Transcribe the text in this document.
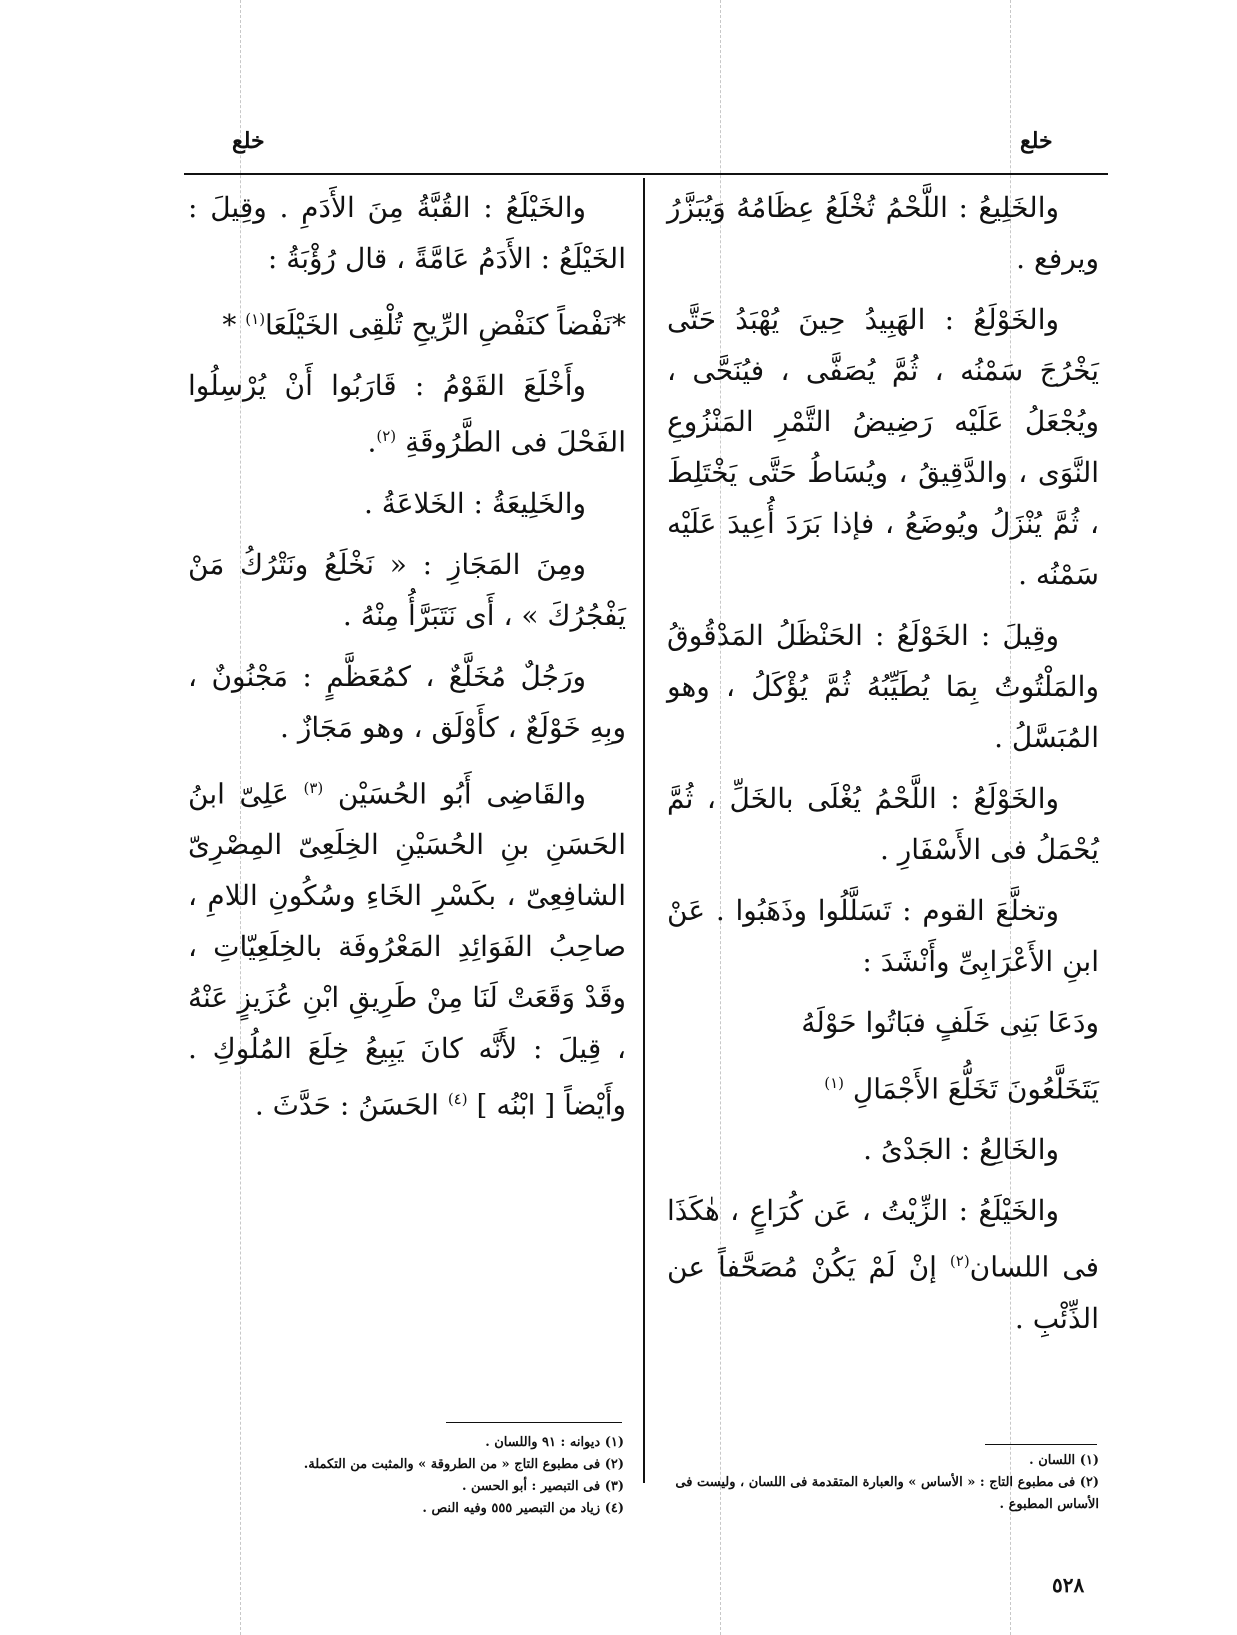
خلع
خلع

والخَلِيعُ : اللَّحْمُ تُخْلَعُ عِظَامُهُ وَيُبَزَّرُ ويرفع .

والخَوْلَعُ : الهَبِيدُ حِينَ يُهْبَدُ حَتَّى يَخْرُجَ سَمْنُه ، ثُمَّ يُصَفَّى ، فيُنَحَّى ، ويُجْعَلُ عَلَيْه رَضِيضُ التَّمْرِ المَنْزُوعِ النَّوَى ، والدَّقِيقُ ، ويُسَاطُ حَتَّى يَخْتَلِطَ ، ثُمَّ يُنْزَلُ ويُوضَعُ ، فإذا بَرَدَ أُعِيدَ عَلَيْه سَمْنُه .

وقِيلَ : الخَوْلَعُ : الحَنْظَلُ المَدْقُوقُ والمَلْتُوتُ بِمَا يُطَيِّبُهُ ثُمَّ يُؤْكَلُ ، وهو المُبَسَّلُ .

والخَوْلَعُ : اللَّحْمُ يُغْلَى بالخَلِّ ، ثُمَّ يُحْمَلُ فى الأَسْفَارِ .

وتخلَّعَ القوم : تَسَلَّلُوا وذَهَبُوا . عَنْ ابنِ الأَعْرَابِىِّ وأَنْشَدَ :

ودَعَا بَنِى خَلَفٍ فبَاتُوا حَوْلَهُ

يَتَخَلَّعُونَ تَخَلُّعَ الأَجْمَالِ $^{(١)}$

والخَالِعُ : الجَدْىُ .

والخَيْلَعُ : الزِّيْتُ ، عَن كُرَاعٍ ، هٰكَذَا فى اللسان$^{(٢)}$ إنْ لَمْ يَكُنْ مُصَحَّفاً عن الذِّئْبِ .

والخَيْلَعُ : القُبَّةُ مِنَ الأَدَمِ . وقِيلَ : الخَيْلَعُ : الأَدَمُ عَامَّةً ، قال رُؤْبَةُ :

*نَفْضاً كنَفْضِ الرِّيحِ تُلْقِى الخَيْلَعَا$^{(١)}$ *

وأَخْلَعَ القَوْمُ : قَارَبُوا أَنْ يُرْسِلُوا الفَحْلَ فى الطَّرُوقَةِ $^{(٢)}$.

والخَلِيعَةُ : الخَلاعَةُ .

ومِنَ المَجَازِ : « نَخْلَعُ ونَتْرُكُ مَنْ يَفْجُرُكَ » ، أَى نَتَبَرَّأُ مِنْهُ .

ورَجُلٌ مُخَلَّعٌ ، كمُعَظَّمٍ : مَجْنُونٌ ، وبِهِ خَوْلَعٌ ، كأَوْلَق ، وهو مَجَازٌ .

والقَاضِى أَبُو الحُسَيْن $^{(٣)}$ عَلِىّ ابنُ الحَسَنِ بنِ الحُسَيْنِ الخِلَعِىّ المِصْرِىّ الشافِعِىّ ، بكَسْرِ الخَاءِ وسُكُونِ اللامِ ، صاحِبُ الفَوَائِدِ المَعْرُوفَة بالخِلَعِيّاتِ ، وقَدْ وَقَعَتْ لَنَا مِنْ طَرِيقِ ابْنِ عُزَيزٍ عَنْهُ ، قِيلَ : لأَنَّه كانَ يَبِيعُ خِلَعَ المُلُوكِ . وأَيْضاً [ ابْنُه ] $^{(٤)}$ الحَسَنُ : حَدَّثَ .

(١) ديوانه : ٩١ واللسان .

(٢) فى مطبوع التاج « من الطروقة » والمثبت من التكملة.

(٣) فى التبصير : أبو الحسن .

(٤) زياد من التبصير ٥٥٥ وفيه النص .

(١) اللسان .

(٢) فى مطبوع التاج : « الأساس » والعبارة المتقدمة فى اللسان ، وليست فى الأساس المطبوع .

٥٢٨
